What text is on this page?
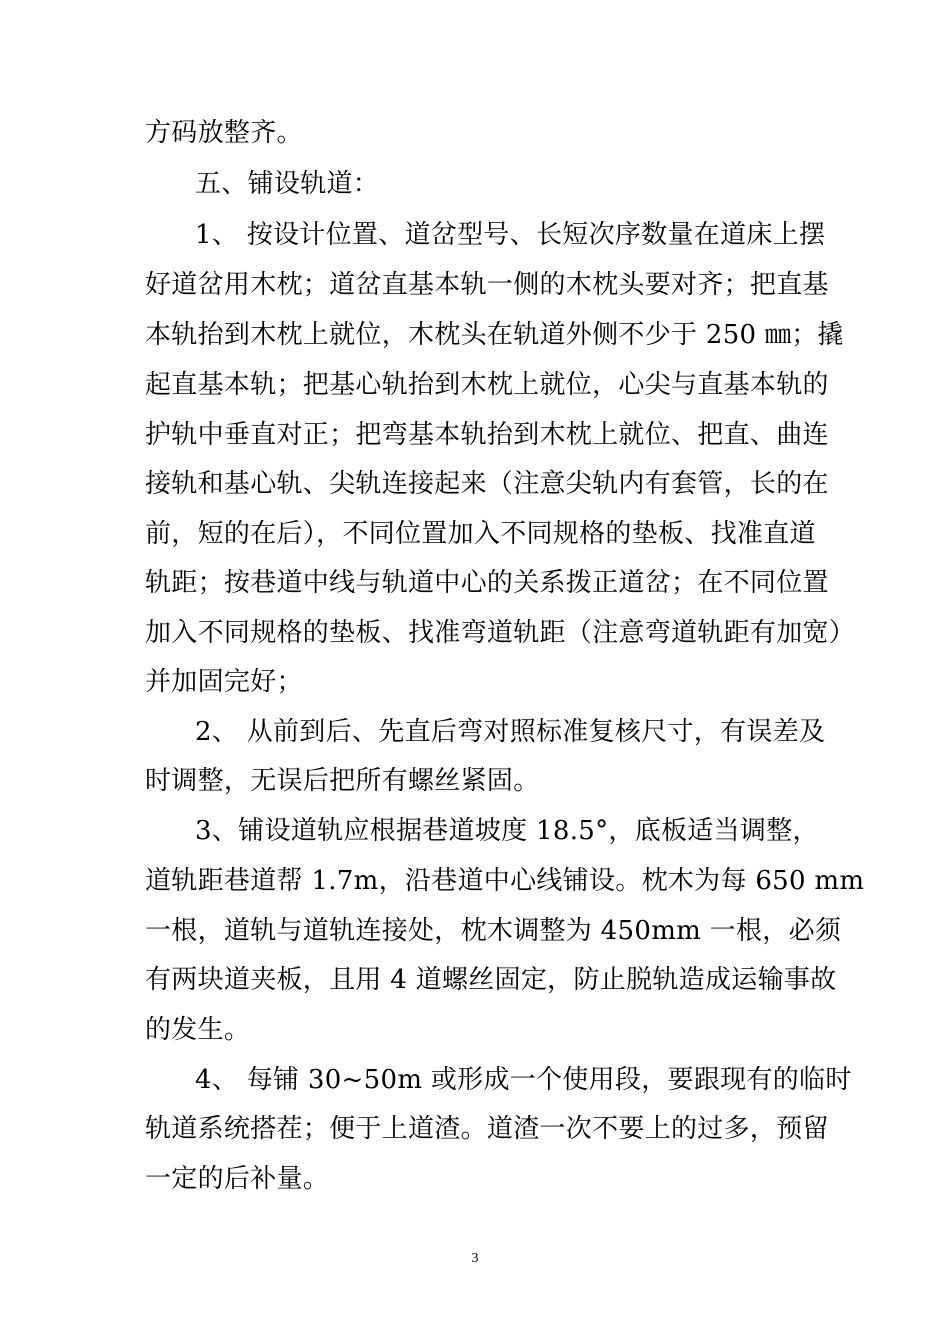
方码放整齐。
五、铺设轨道：
1、 按设计位置、道岔型号、长短次序数量在道床上摆
好道岔用木枕；道岔直基本轨一侧的木枕头要对齐；把直基
本轨抬到木枕上就位，木枕头在轨道外侧不少于 250 ㎜；撬
起直基本轨；把基心轨抬到木枕上就位，心尖与直基本轨的
护轨中垂直对正；把弯基本轨抬到木枕上就位、把直、曲连
接轨和基心轨、尖轨连接起来（注意尖轨内有套管，长的在
前，短的在后），不同位置加入不同规格的垫板、找准直道
轨距；按巷道中线与轨道中心的关系拨正道岔；在不同位置
加入不同规格的垫板、找准弯道轨距（注意弯道轨距有加宽）
并加固完好；
2、 从前到后、先直后弯对照标准复核尺寸，有误差及
时调整，无误后把所有螺丝紧固。
3、铺设道轨应根据巷道坡度 18.5°，底板适当调整，
道轨距巷道帮 1.7m，沿巷道中心线铺设。枕木为每 650 mm
一根，道轨与道轨连接处，枕木调整为 450mm 一根，必须
有两块道夹板，且用 4 道螺丝固定，防止脱轨造成运输事故
的发生。
4、 每铺 30~50m 或形成一个使用段，要跟现有的临时
轨道系统搭茬；便于上道渣。道渣一次不要上的过多，预留
一定的后补量。
3
